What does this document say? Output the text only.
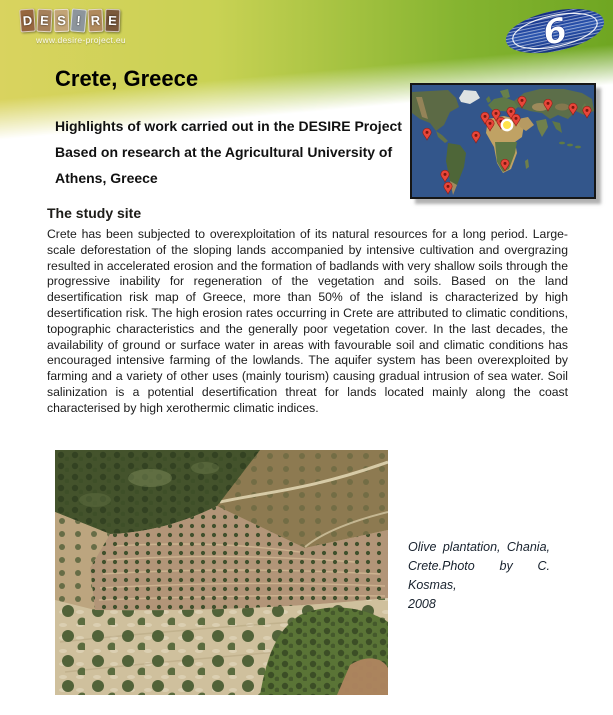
D E S ! R E
www.desire-project.eu	6
Crete, Greece
Highlights of work carried out in the DESIRE Project
Based on research at the Agricultural University of
Athens, Greece
The study site
Crete has been subjected to overexploitation of its natural resources for a long period. Large-scale deforestation of the sloping lands accompanied by intensive cultivation and overgrazing resulted in accelerated erosion and the formation of badlands with very shallow soils through the progressive inability for regeneration of the vegetation and soils. Based on the land desertification risk map of Greece, more than 50% of the island is characterized by high desertification risk. The high erosion rates occurring in Crete are attributed to climatic conditions, topographic characteristics and the generally poor vegetation cover. In the last decades, the availability of ground or surface water in areas with favourable soil and climatic conditions has encouraged intensive farming of the lowlands. The aquifer system has been overexploited by farming and a variety of other uses (mainly tourism) causing gradual intrusion of sea water. Soil salinization is a potential desertification threat for lands located mainly along the coast characterised by high xerothermic climatic indices.
Olive plantation, Chania,
Crete.Photo by C. Kosmas,
2008
